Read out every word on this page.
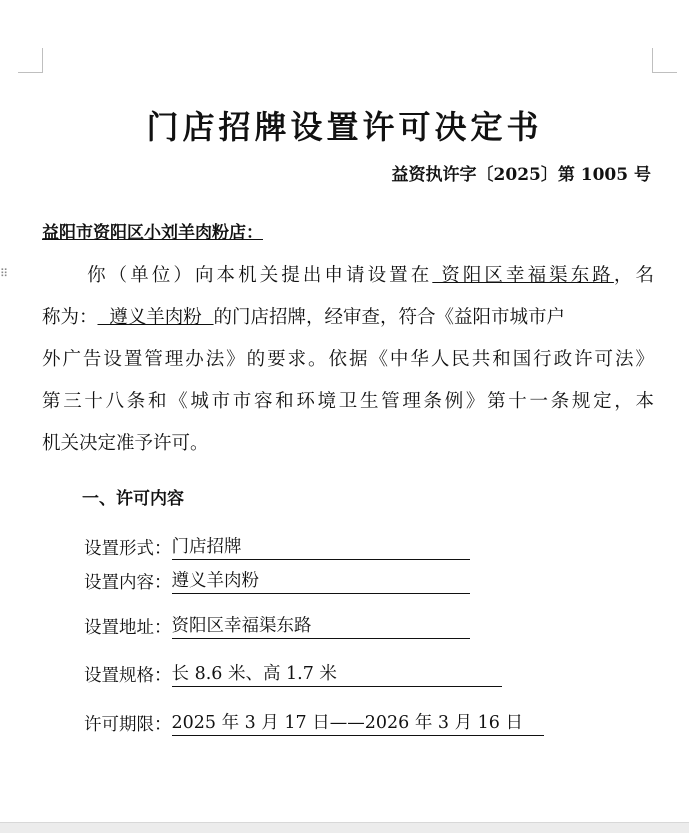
⠿
门店招牌设置许可决定书
益资执许字〔2025〕第 1005 号
益阳市资阳区小刘羊肉粉店：
你（单位）向本机关提出申请设置在 资阳区幸福渠东路，名
称为：  遵义羊肉粉  的门店招牌，经审查，符合《益阳市城市户
外广告设置管理办法》的要求。依据《中华人民共和国行政许可法》
第三十八条和《城市市容和环境卫生管理条例》第十一条规定，本
机关决定准予许可。
一、许可内容
设置形式：门店招牌
设置内容：遵义羊肉粉
设置地址：资阳区幸福渠东路
设置规格：长 8.6 米、高 1.7 米
许可期限：2025 年 3 月 17 日——2026 年 3 月 16 日
